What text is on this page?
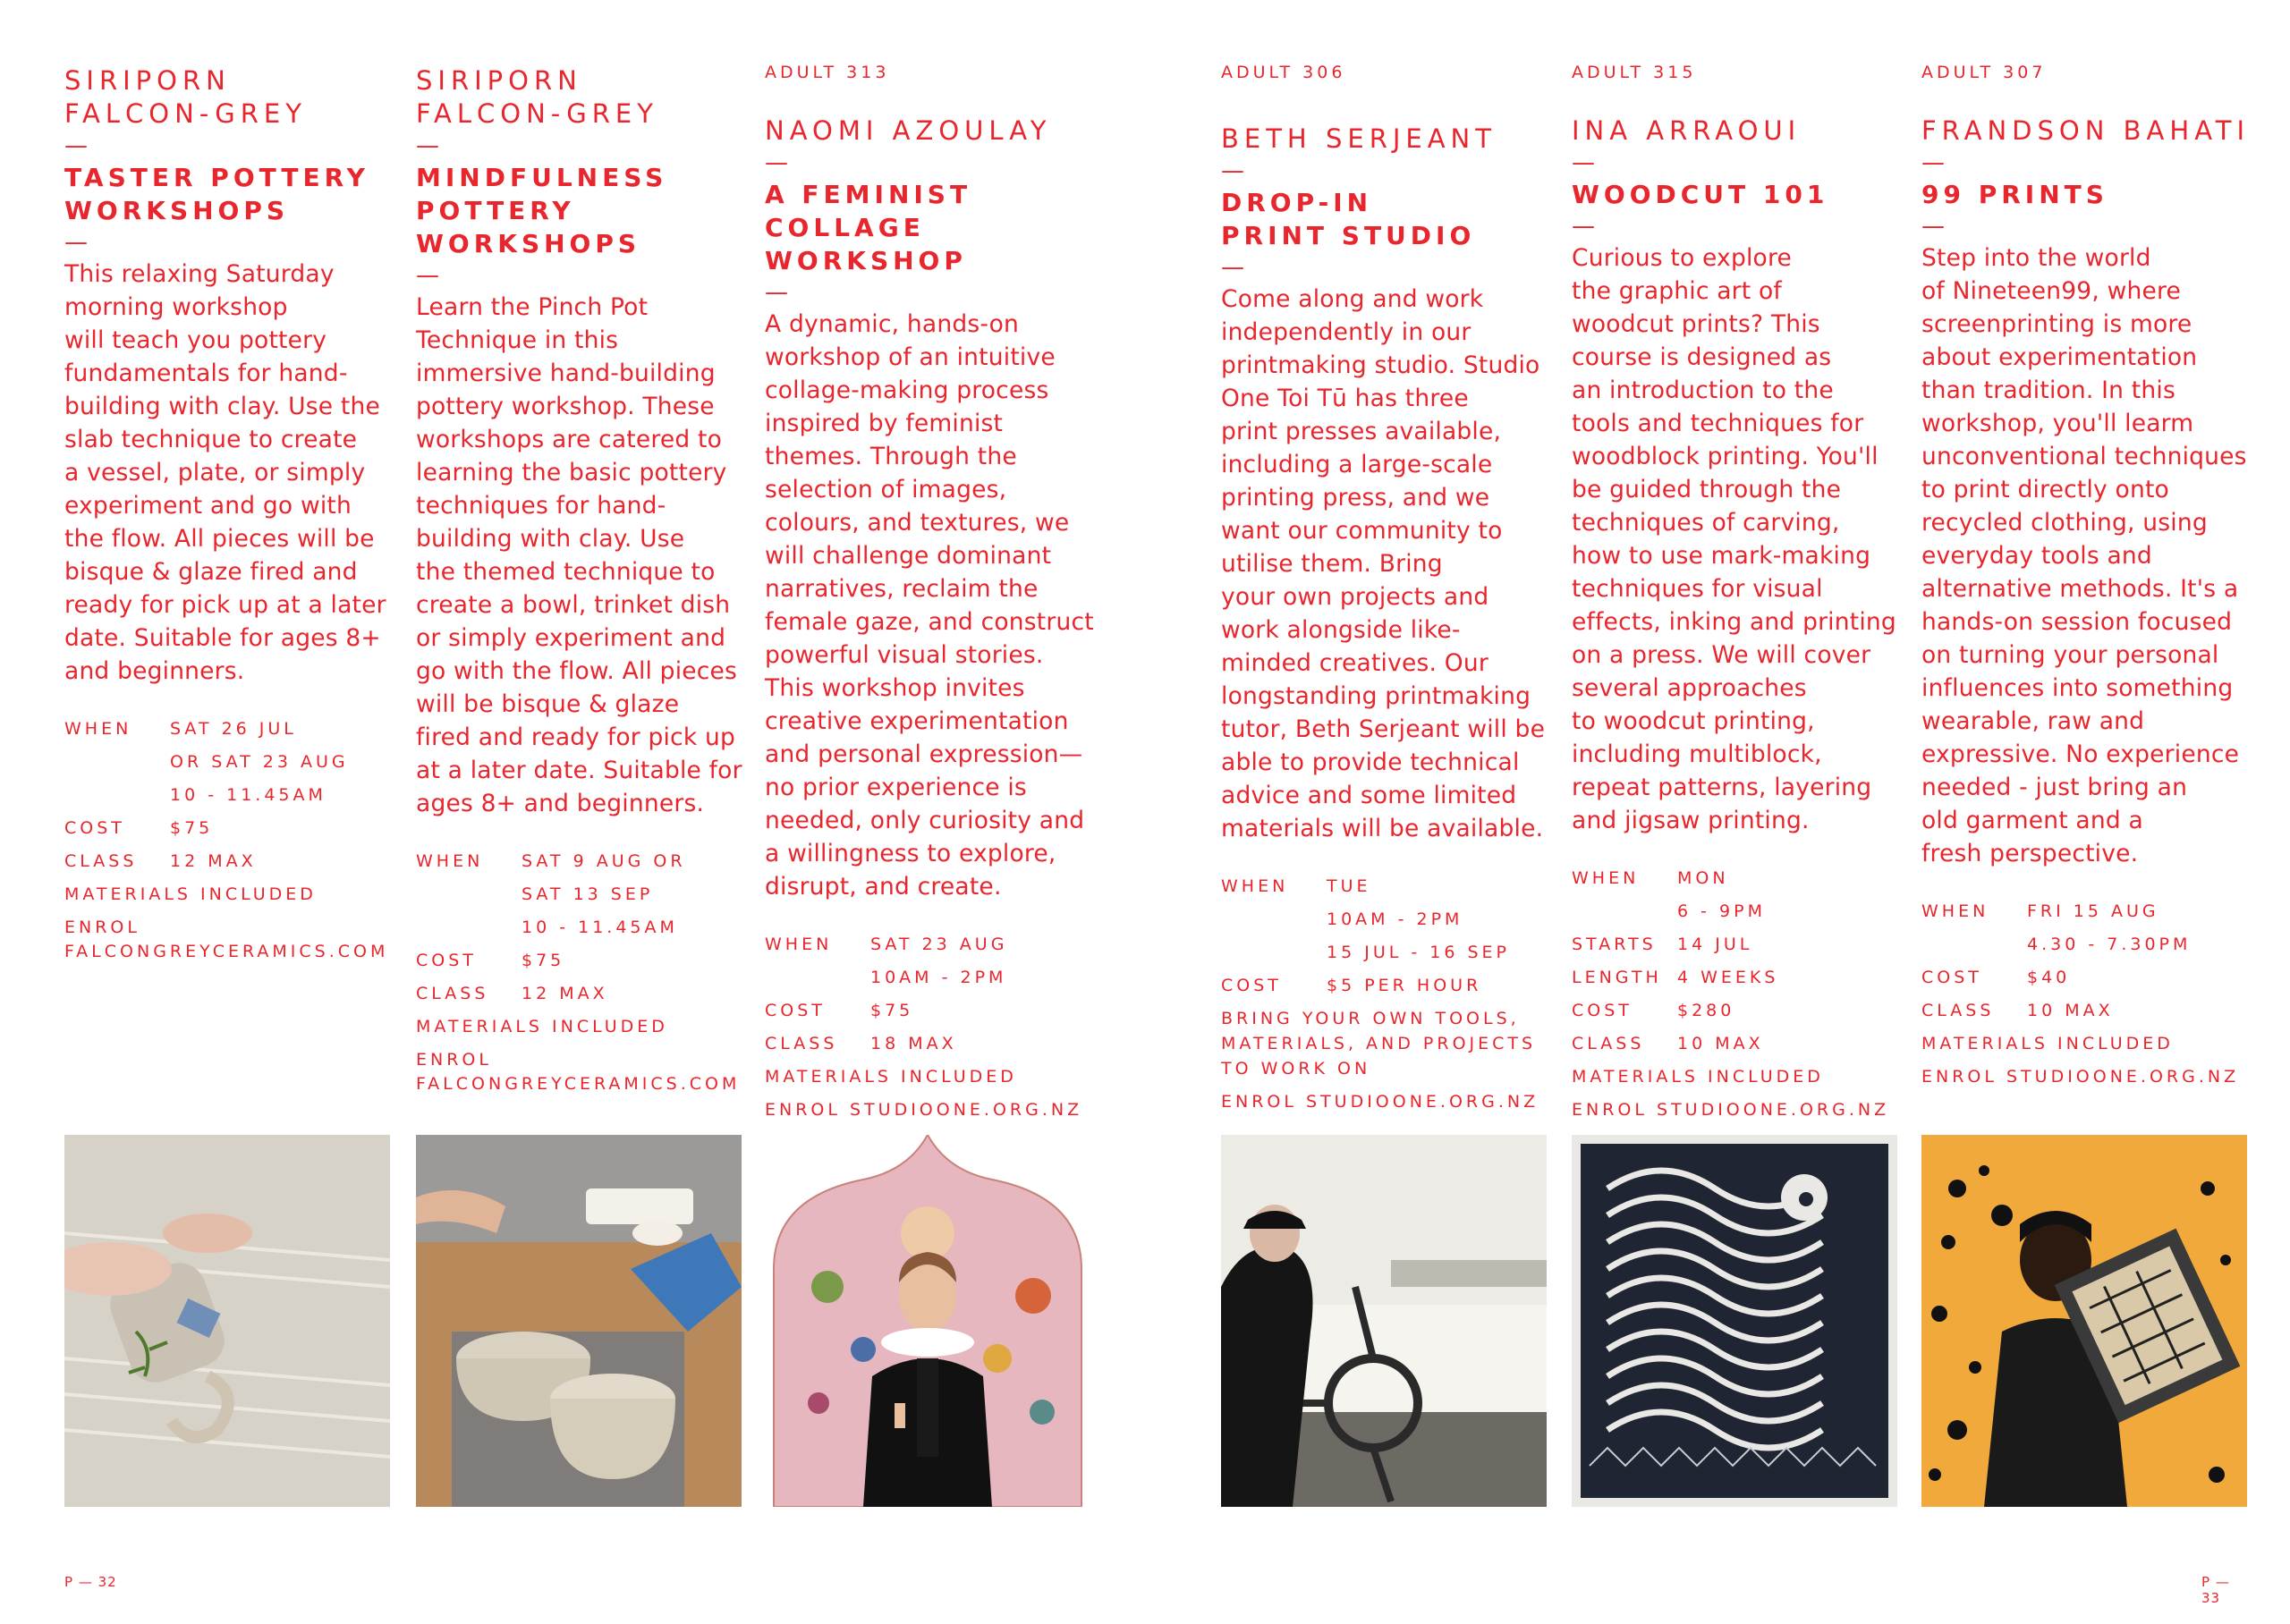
SIRIPORN
FALCON-GREY
—
TASTER POTTERY
WORKSHOPS
—

This relaxing Saturday
morning workshop
will teach you pottery
fundamentals for hand-
building with clay. Use the
slab technique to create
a vessel, plate, or simply
experiment and go with
the flow. All pieces will be
bisque & glaze fired and
ready for pick up at a later
date. Suitable for ages 8+
and beginners.

WHEN	SAT 26 JUL

OR SAT 23 AUG

10 - 11.45AM
COST	$75
CLASS	12 MAX
MATERIALS INCLUDED
ENROL
FALCONGREYCERAMICS.COM
P — 32
SIRIPORN
FALCON-GREY
—
MINDFULNESS
POTTERY
WORKSHOPS
—

Learn the Pinch Pot
Technique in this
immersive hand-building
pottery workshop. These
workshops are catered to
learning the basic pottery
techniques for hand-
building with clay. Use
the themed technique to
create a bowl, trinket dish
or simply experiment and
go with the flow. All pieces
will be bisque & glaze
fired and ready for pick up
at a later date. Suitable for
ages 8+ and beginners.

WHEN	SAT 9 AUG OR

SAT 13 SEP

10 - 11.45AM
COST	$75
CLASS	12 MAX
MATERIALS INCLUDED
ENROL
FALCONGREYCERAMICS.COM
ADULT 313
NAOMI AZOULAY
—
A FEMINIST
COLLAGE
WORKSHOP
—

A dynamic, hands-on
workshop of an intuitive
collage-making process
inspired by feminist
themes. Through the
selection of images,
colours, and textures, we
will challenge dominant
narratives, reclaim the
female gaze, and construct
powerful visual stories.
This workshop invites
creative experimentation
and personal expression—
no prior experience is
needed, only curiosity and
a willingness to explore,
disrupt, and create.

WHEN	SAT 23 AUG

10AM - 2PM
COST	$75
CLASS	18 MAX
MATERIALS INCLUDED
ENROL STUDIOONE.ORG.NZ
ADULT 306
BETH SERJEANT
—
DROP-IN
PRINT STUDIO
—

Come along and work
independently in our
printmaking studio. Studio
One Toi Tū has three
print presses available,
including a large-scale
printing press, and we
want our community to
utilise them. Bring
your own projects and
work alongside like-
minded creatives. Our
longstanding printmaking
tutor, Beth Serjeant will be
able to provide technical
advice and some limited
materials will be available.

WHEN	TUE

10AM - 2PM

15 JUL - 16 SEP
COST	$5 PER HOUR
BRING YOUR OWN TOOLS,
MATERIALS, AND PROJECTS
TO WORK ON
ENROL STUDIOONE.ORG.NZ
ADULT 315
INA ARRAOUI
—
WOODCUT 101
—

Curious to explore
the graphic art of
woodcut prints? This
course is designed as
an introduction to the
tools and techniques for
woodblock printing. You'll
be guided through the
techniques of carving,
how to use mark-making
techniques for visual
effects, inking and printing
on a press. We will cover
several approaches
to woodcut printing,
including multiblock,
repeat patterns, layering
and jigsaw printing.

WHEN	MON

6 - 9PM
STARTS	14 JUL
LENGTH 4 WEEKS
COST	$280
CLASS	10 MAX
MATERIALS INCLUDED
ENROL STUDIOONE.ORG.NZ
ADULT 307
FRANDSON BAHATI
—
99 PRINTS
—

Step into the world
of Nineteen99, where
screenprinting is more
about experimentation
than tradition. In this
workshop, you'll learm
unconventional techniques
to print directly onto
recycled clothing, using
everyday tools and
alternative methods. It's a
hands-on session focused
on turning your personal
influences into something
wearable, raw and
expressive. No experience
needed - just bring an
old garment and a
fresh perspective.

WHEN	FRI 15 AUG

4.30 - 7.30PM
COST	$40
CLASS	10 MAX
MATERIALS INCLUDED
ENROL STUDIOONE.ORG.NZ
P — 33
